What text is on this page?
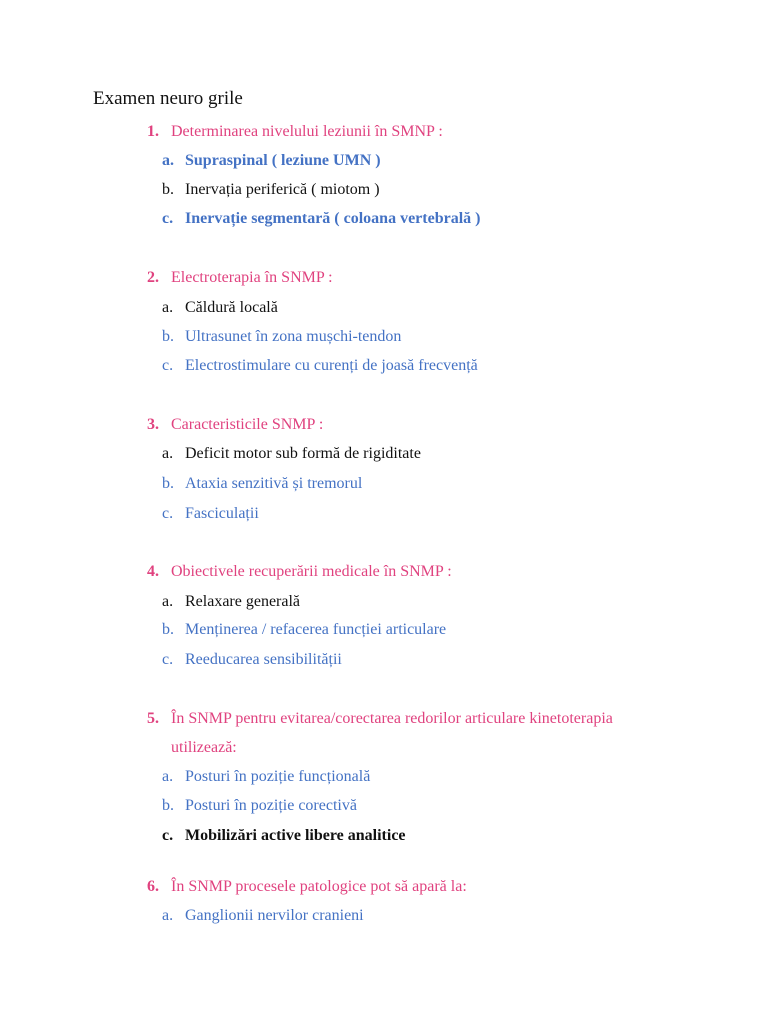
Examen neuro grile
1. Determinarea nivelului leziunii în SMNP :
a. Supraspinal ( leziune UMN )
b. Inervația periferică ( miotom )
c. Inervație segmentară ( coloana vertebrală )
2. Electroterapia în SNMP :
a. Căldură locală
b. Ultrasunet în zona mușchi-tendon
c. Electrostimulare cu curenți de joasă frecvență
3. Caracteristicile SNMP :
a. Deficit motor sub formă de rigiditate
b. Ataxia senzitivă și tremorul
c. Fasciculații
4. Obiectivele recuperării medicale în SNMP :
a. Relaxare generală
b. Menținerea / refacerea funcției articulare
c. Reeducarea sensibilității
5. În SNMP pentru evitarea/corectarea redorilor articulare kinetoterapia
utilizează:
a. Posturi în poziție funcțională
b. Posturi în poziție corectivă
c. Mobilizări active libere analitice
6. În SNMP procesele patologice pot să apară la:
a. Ganglionii nervilor cranieni
